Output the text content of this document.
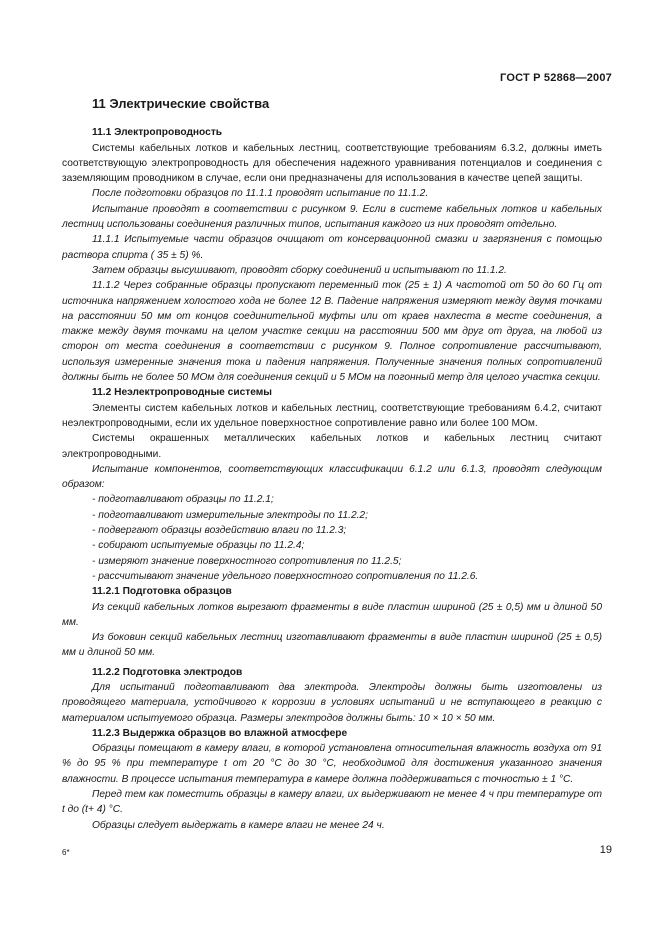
ГОСТ Р 52868—2007

11 Электрические свойства

11.1 Электропроводность

Системы кабельных лотков и кабельных лестниц, соответствующие требованиям 6.3.2, должны иметь соответствующую электропроводность для обеспечения надежного уравнивания потенциалов и соединения с заземляющим проводником в случае, если они предназначены для использования в качестве цепей защиты.

После подготовки образцов по 11.1.1 проводят испытание по 11.1.2.

Испытание проводят в соответствии с рисунком 9. Если в системе кабельных лотков и кабельных лестниц использованы соединения различных типов, испытания каждого из них проводят отдельно.

11.1.1 Испытуемые части образцов очищают от консервационной смазки и загрязнения с помощью раствора спирта ( 35 ± 5) %.

Затем образцы высушивают, проводят сборку соединений и испытывают по 11.1.2.

11.1.2 Через собранные образцы пропускают переменный ток (25 ± 1) А частотой от 50 до 60 Гц от источника напряжением холостого хода не более 12 В. Падение напряжения измеряют между двумя точками на расстоянии 50 мм от концов соединительной муфты или от краев нахлеста в месте соединения, а также между двумя точками на целом участке секции на расстоянии 500 мм друг от друга, на любой из сторон от места соединения в соответствии с рисунком 9. Полное сопротивление рассчитывают, используя измеренные значения тока и падения напряжения. Полученные значения полных сопротивлений должны быть не более 50 МОм для соединения секций и 5 МОм на погонный метр для целого участка секции.

11.2 Неэлектропроводные системы

Элементы систем кабельных лотков и кабельных лестниц, соответствующие требованиям 6.4.2, считают неэлектропроводными, если их удельное поверхностное сопротивление равно или более 100 МОм.

Системы окрашенных металлических кабельных лотков и кабельных лестниц считают электропроводными.

Испытание компонентов, соответствующих классификации 6.1.2 или 6.1.3, проводят следующим образом:

- подготавливают образцы по 11.2.1;

- подготавливают измерительные электроды по 11.2.2;

- подвергают образцы воздействию влаги по 11.2.3;

- собирают испытуемые образцы по 11.2.4;

- измеряют значение поверхностного сопротивления по 11.2.5;

- рассчитывают значение удельного поверхностного сопротивления по 11.2.6.

11.2.1 Подготовка образцов

Из секций кабельных лотков вырезают фрагменты в виде пластин шириной (25 ± 0,5) мм и длиной 50 мм.

Из боковин секций кабельных лестниц изготавливают фрагменты в виде пластин шириной (25 ± 0,5) мм и длиной 50 мм.

11.2.2 Подготовка электродов

Для испытаний подготавливают два электрода. Электроды должны быть изготовлены из проводящего материала, устойчивого к коррозии в условиях испытаний и не вступающего в реакцию с материалом испытуемого образца. Размеры электродов должны быть: 10 × 10 × 50 мм.

11.2.3 Выдержка образцов во влажной атмосфере

Образцы помещают в камеру влаги, в которой установлена относительная влажность воздуха от 91 % до 95 % при температуре t от 20 °С до 30 °С, необходимой для достижения указанного значения влажности. В процессе испытания температура в камере должна поддерживаться с точностью ± 1 °С.

Перед тем как поместить образцы в камеру влаги, их выдерживают не менее 4 ч при температуре от t до (t+ 4) °С.

Образцы следует выдержать в камере влаги не менее 24 ч.

6*	19
